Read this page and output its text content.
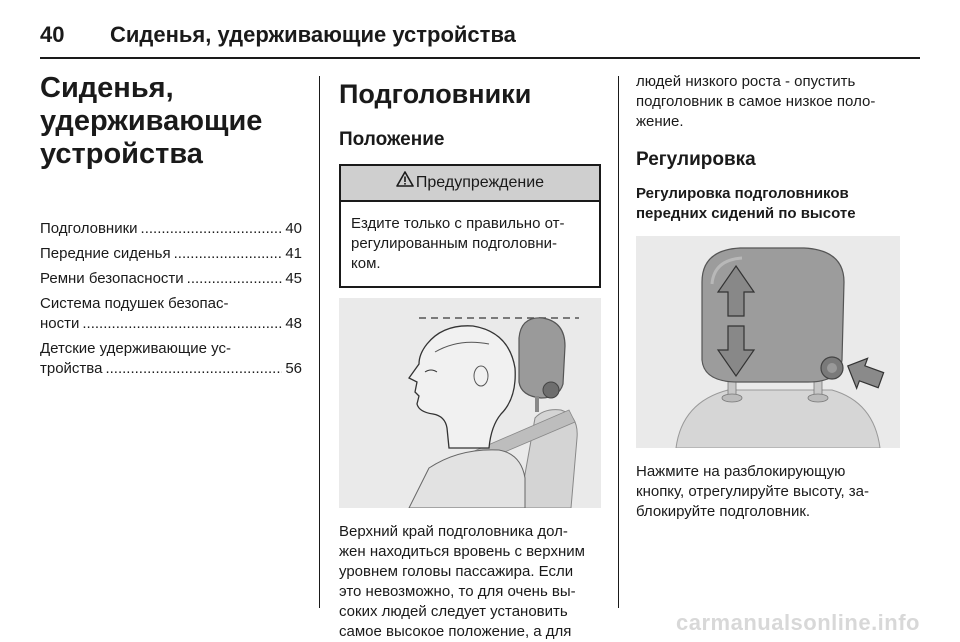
40 Сиденья, удерживающие устройства
Сиденья,
удерживающие
устройства
Подголовники .....	40
Передние сиденья .....	41
Ремни безопасности .....	45
Система подушек безопас-
ности .....	48
Детские удерживающие ус-
тройства .....	56
Подголовники
Положение
Предупреждение
Ездите только с правильно от-
регулированным подголовни-
ком.

Верхний край подголовника дол-

жен находиться вровень с верхним

уровнем головы пассажира. Если

это невозможно, то для очень вы-

соких людей следует установить

самое высокое положение, а для

людей низкого роста - опустить

подголовник в самое низкое поло-

жение.

Регулировка
Регулировка подголовников
передних сидений по высоте

Нажмите на разблокирующую

кнопку, отрегулируйте высоту, за-

блокируйте подголовник.

carmanualsonline.info
